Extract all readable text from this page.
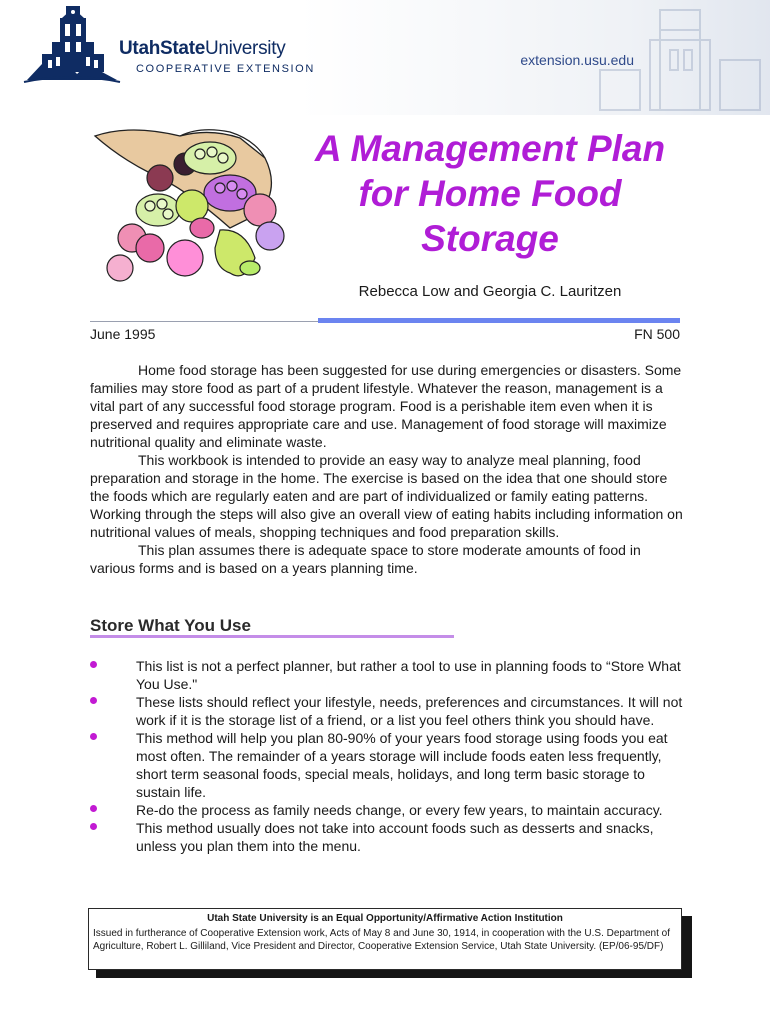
UtahStateUniversity
COOPERATIVE EXTENSION
extension.usu.edu
A Management Plan
for Home Food
Storage
Rebecca Low and Georgia C. Lauritzen
June 1995	FN 500

Home food storage has been suggested for use during emergencies or disasters. Some families may store food as part of a prudent lifestyle. Whatever the reason, management is a vital part of any successful food storage program. Food is a perishable item even when it is preserved and requires appropriate care and use. Management of food storage will maximize nutritional quality and eliminate waste.

This workbook is intended to provide an easy way to analyze meal planning, food preparation and storage in the home. The exercise is based on the idea that one should store the foods which are regularly eaten and are part of individualized or family eating patterns. Working through the steps will also give an overall view of eating habits including information on nutritional values of meals, shopping techniques and food preparation skills.

This plan assumes there is adequate space to store moderate amounts of food in various forms and is based on a years planning time.

Store What You Use
This list is not a perfect planner, but rather a tool to use in planning foods to “Store What You Use."
These lists should reflect your lifestyle, needs, preferences and circumstances. It will not work if it is the storage list of a friend, or a list you feel others think you should have.
This method will help you plan 80-90% of your years food storage using foods you eat most often. The remainder of a years storage will include foods eaten less frequently, short term seasonal foods, special meals, holidays, and long term basic storage to sustain life.
Re-do the process as family needs change, or every few years, to maintain accuracy.
This method usually does not take into account foods such as desserts and snacks, unless you plan them into the menu.
Utah State University is an Equal Opportunity/Affirmative Action Institution
Issued in furtherance of Cooperative Extension work, Acts of May 8 and June 30, 1914, in cooperation with the U.S. Department of Agriculture, Robert L. Gilliland, Vice President and Director, Cooperative Extension Service, Utah State University. (EP/06-95/DF)
